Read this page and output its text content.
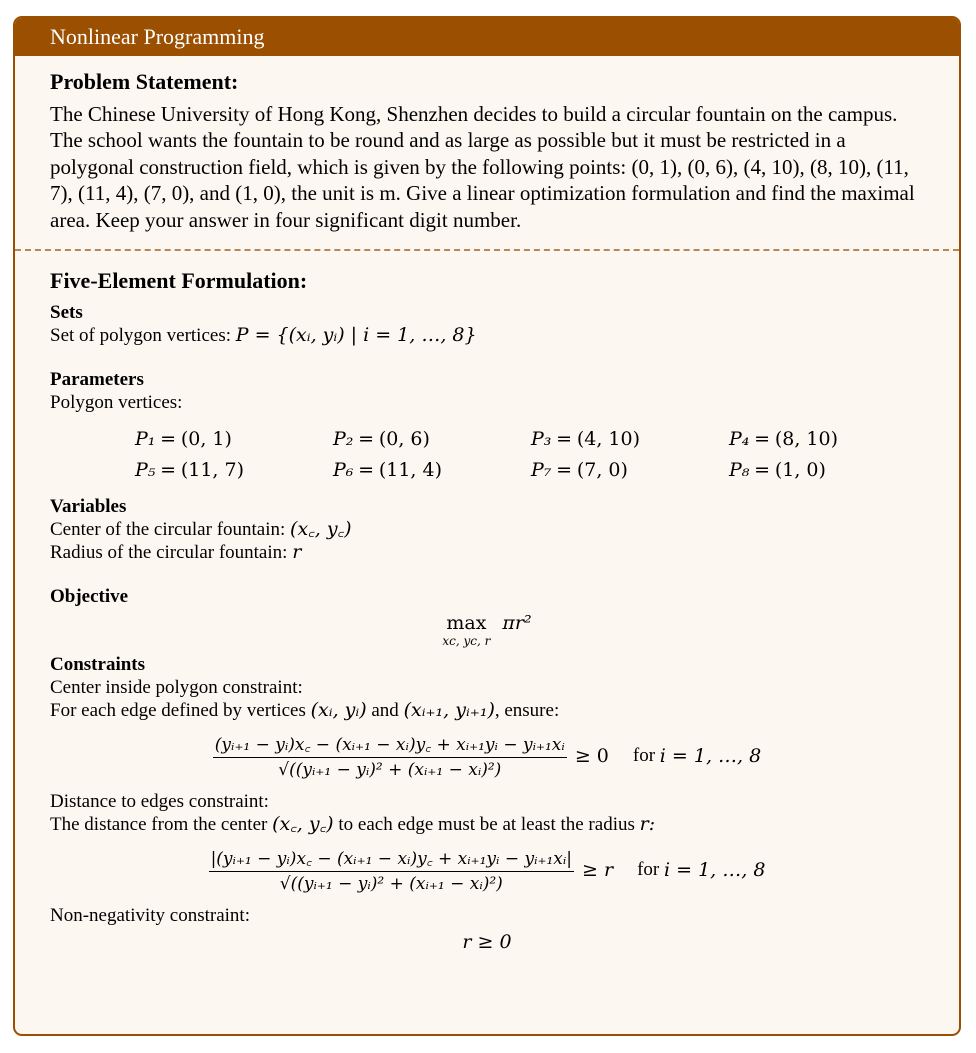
Nonlinear Programming
Problem Statement:
The Chinese University of Hong Kong, Shenzhen decides to build a circular fountain on the campus. The school wants the fountain to be round and as large as possible but it must be restricted in a polygonal construction field, which is given by the following points: (0, 1), (0, 6), (4, 10), (8, 10), (11, 7), (11, 4), (7, 0), and (1, 0), the unit is m. Give a linear optimization formulation and find the maximal area. Keep your answer in four significant digit number.
Five-Element Formulation:
Sets
Set of polygon vertices: P = {(xᵢ, yᵢ) | i = 1, …, 8}
Parameters
Polygon vertices:
P₁ = (0, 1)	P₂ = (0, 6)	P₃ = (4, 10)	P₄ = (8, 10)
P₅ = (11, 7)	P₆ = (11, 4)	P₇ = (7, 0)	P₈ = (1, 0)
Variables
Center of the circular fountain: (x꜀, y꜀)
Radius of the circular fountain: r
Objective
max
xc, yc, r
πr²
Constraints
Center inside polygon constraint:
For each edge defined by vertices (xᵢ, yᵢ) and (xᵢ₊₁, yᵢ₊₁), ensure:
$\frac{\text{(yᵢ₊₁ − yᵢ)x꜀ − (xᵢ₊₁ − xᵢ)y꜀ + xᵢ₊₁yᵢ − yᵢ₊₁xᵢ}}{\text{√((yᵢ₊₁ − yᵢ)² + (xᵢ₊₁ − xᵢ)²)}} \ge 0$ for
i = 1, …, 8
Distance to edges constraint:
The distance from the center (x꜀, y꜀) to each edge must be at least the radius r:
$\frac{\text{|(yᵢ₊₁ − yᵢ)x꜀ − (xᵢ₊₁ − xᵢ)y꜀ + xᵢ₊₁yᵢ − yᵢ₊₁xᵢ|}}{\text{√((yᵢ₊₁ − yᵢ)² + (xᵢ₊₁ − xᵢ)²)}} \ge r$ for
i = 1, …, 8
Non-negativity constraint:
r ≥ 0
